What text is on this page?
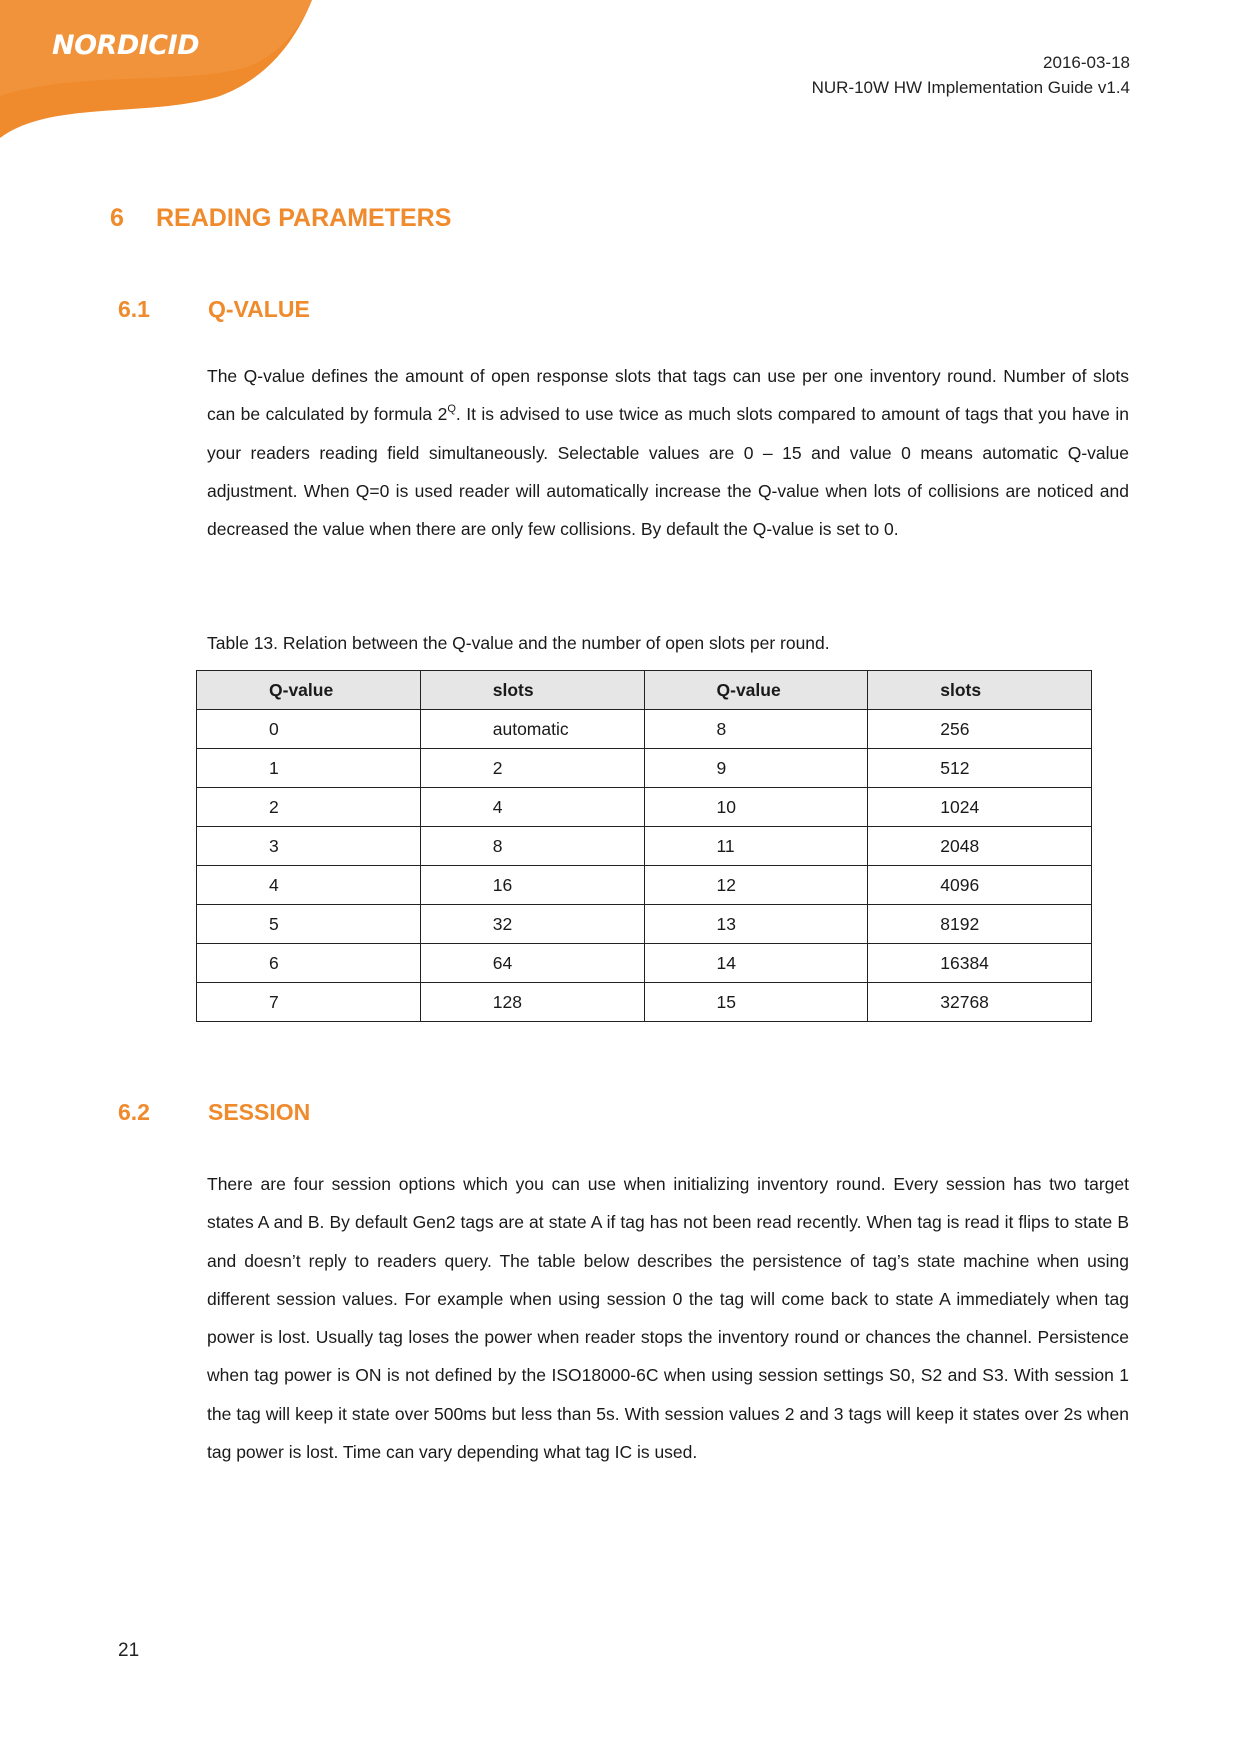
NORDICID
2016-03-18
NUR-10W HW Implementation Guide v1.4
6 READING PARAMETERS
6.1	Q-VALUE
The Q-value defines the amount of open response slots that tags can use per one inventory round. Number of slots can be calculated by formula $2^Q$. It is advised to use twice as much slots compared to amount of tags that you have in your readers reading field simultaneously. Selectable values are 0 – 15 and value 0 means automatic Q-value adjustment. When Q=0 is used reader will automatically increase the Q-value when lots of collisions are noticed and decreased the value when there are only few collisions. By default the Q-value is set to 0.
Table 13. Relation between the Q-value and the number of open slots per round.
Q-value	slots	Q-value	slots
0	automatic	8	256
1	2	9	512
2	4	10	1024
3	8	11	2048
4	16	12	4096
5	32	13	8192
6	64	14	16384
7	128	15	32768
6.2	SESSION
There are four session options which you can use when initializing inventory round. Every session has two target states A and B. By default Gen2 tags are at state A if tag has not been read recently. When tag is read it flips to state B and doesn’t reply to readers query. The table below describes the persistence of tag’s state machine when using different session values. For example when using session 0 the tag will come back to state A immediately when tag power is lost. Usually tag loses the power when reader stops the inventory round or chances the channel. Persistence when tag power is ON is not defined by the ISO18000-6C when using session settings S0, S2 and S3. With session 1 the tag will keep it state over 500ms but less than 5s. With session values 2 and 3 tags will keep it states over 2s when tag power is lost. Time can vary depending what tag IC is used.
21
